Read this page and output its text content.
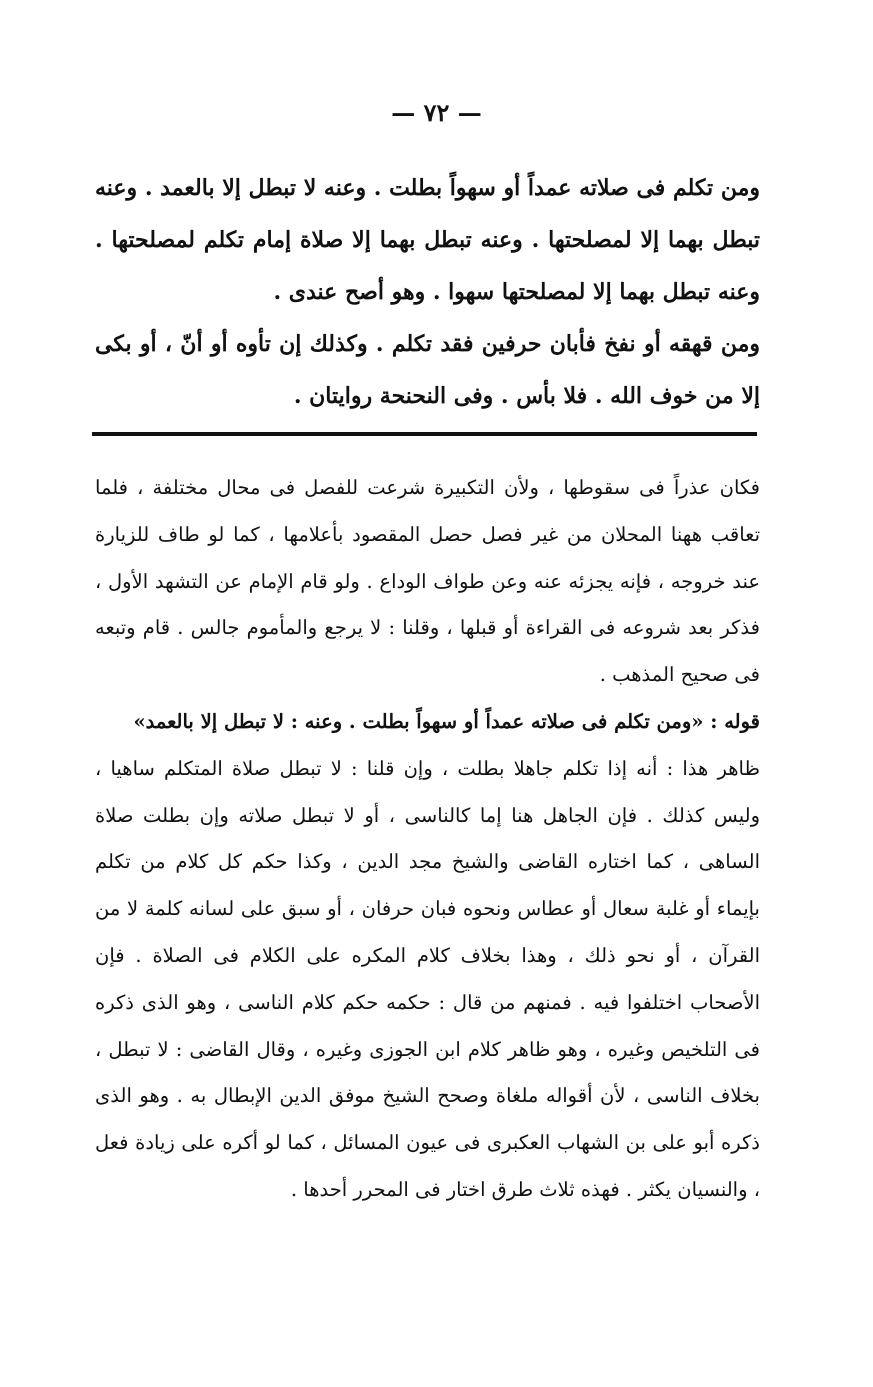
— ٧٢ —

ومن تكلم فى صلاته عمداً أو سهواً بطلت . وعنه لا تبطل إلا بالعمد . وعنه تبطل بهما إلا لمصلحتها . وعنه تبطل بهما إلا صلاة إمام تكلم لمصلحتها . وعنه تبطل بهما إلا لمصلحتها سهوا . وهو أصح عندى .

ومن قهقه أو نفخ فأبان حرفين فقد تكلم . وكذلك إن تأوه أو أنّ ، أو بكى إلا من خوف الله . فلا بأس . وفى النحنحة روايتان .

فكان عذراً فى سقوطها ، ولأن التكبيرة شرعت للفصل فى محال مختلفة ، فلما تعاقب ههنا المحلان من غير فصل حصل المقصود بأعلامها ، كما لو طاف للزيارة عند خروجه ، فإنه يجزئه عنه وعن طواف الوداع . ولو قام الإمام عن التشهد الأول ، فذكر بعد شروعه فى القراءة أو قبلها ، وقلنا : لا يرجع والمأموم جالس . قام وتبعه فى صحيح المذهب .

قوله : «ومن تكلم فى صلاته عمداً أو سهواً بطلت . وعنه : لا تبطل إلا بالعمد»

ظاهر هذا : أنه إذا تكلم جاهلا بطلت ، وإن قلنا : لا تبطل صلاة المتكلم ساهيا ، وليس كذلك . فإن الجاهل هنا إما كالناسى ، أو لا تبطل صلاته وإن بطلت صلاة الساهى ، كما اختاره القاضى والشيخ مجد الدين ، وكذا حكم كل كلام من تكلم بإيماء أو غلبة سعال أو عطاس ونحوه فبان حرفان ، أو سبق على لسانه كلمة لا من القرآن ، أو نحو ذلك ، وهذا بخلاف كلام المكره على الكلام فى الصلاة . فإن الأصحاب اختلفوا فيه . فمنهم من قال : حكمه حكم كلام الناسى ، وهو الذى ذكره فى التلخيص وغيره ، وهو ظاهر كلام ابن الجوزى وغيره ، وقال القاضى : لا تبطل ، بخلاف الناسى ، لأن أقواله ملغاة وصحح الشيخ موفق الدين الإبطال به . وهو الذى ذكره أبو على بن الشهاب العكبرى فى عيون المسائل ، كما لو أكره على زيادة فعل ، والنسيان يكثر . فهذه ثلاث طرق اختار فى المحرر أحدها .
